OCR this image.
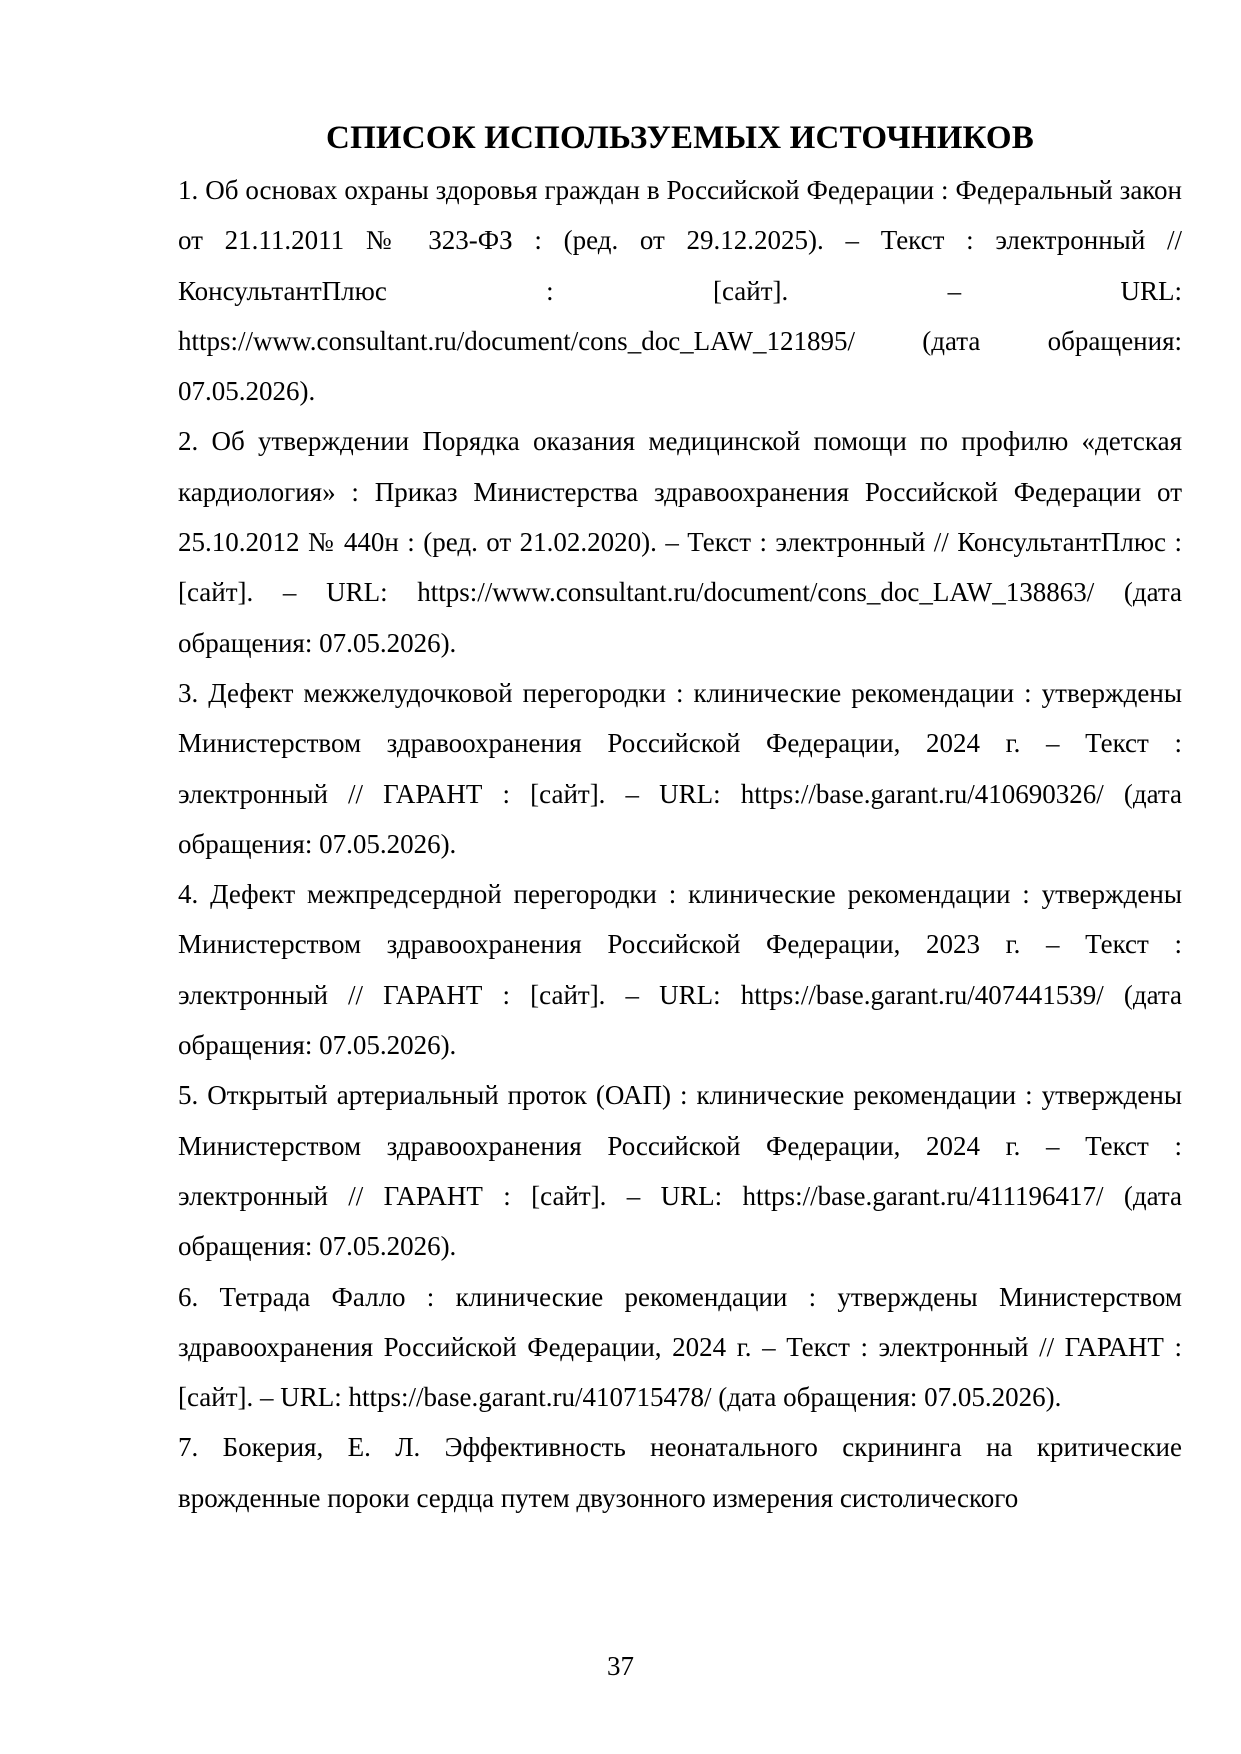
СПИСОК ИСПОЛЬЗУЕМЫХ ИСТОЧНИКОВ
1. Об основах охраны здоровья граждан в Российской Федерации : Федеральный закон от 21.11.2011 № 323-ФЗ : (ред. от 29.12.2025). – Текст : электронный // КонсультантПлюс : [сайт]. – URL: https://www.consultant.ru/document/cons_doc_LAW_121895/ (дата обращения: 07.05.2026).
2. Об утверждении Порядка оказания медицинской помощи по профилю «детская кардиология» : Приказ Министерства здравоохранения Российской Федерации от 25.10.2012 № 440н : (ред. от 21.02.2020). – Текст : электронный // КонсультантПлюс : [сайт]. – URL: https://www.consultant.ru/document/cons_doc_LAW_138863/ (дата обращения: 07.05.2026).
3. Дефект межжелудочковой перегородки : клинические рекомендации : утверждены Министерством здравоохранения Российской Федерации, 2024 г. – Текст : электронный // ГАРАНТ : [сайт]. – URL: https://base.garant.ru/410690326/ (дата обращения: 07.05.2026).
4. Дефект межпредсердной перегородки : клинические рекомендации : утверждены Министерством здравоохранения Российской Федерации, 2023 г. – Текст : электронный // ГАРАНТ : [сайт]. – URL: https://base.garant.ru/407441539/ (дата обращения: 07.05.2026).
5. Открытый артериальный проток (ОАП) : клинические рекомендации : утверждены Министерством здравоохранения Российской Федерации, 2024 г. – Текст : электронный // ГАРАНТ : [сайт]. – URL: https://base.garant.ru/411196417/ (дата обращения: 07.05.2026).
6. Тетрада Фалло : клинические рекомендации : утверждены Министерством здравоохранения Российской Федерации, 2024 г. – Текст : электронный // ГАРАНТ : [сайт]. – URL: https://base.garant.ru/410715478/ (дата обращения: 07.05.2026).
7. Бокерия, Е. Л. Эффективность неонатального скрининга на критические врожденные пороки сердца путем двузонного измерения систолического
37
